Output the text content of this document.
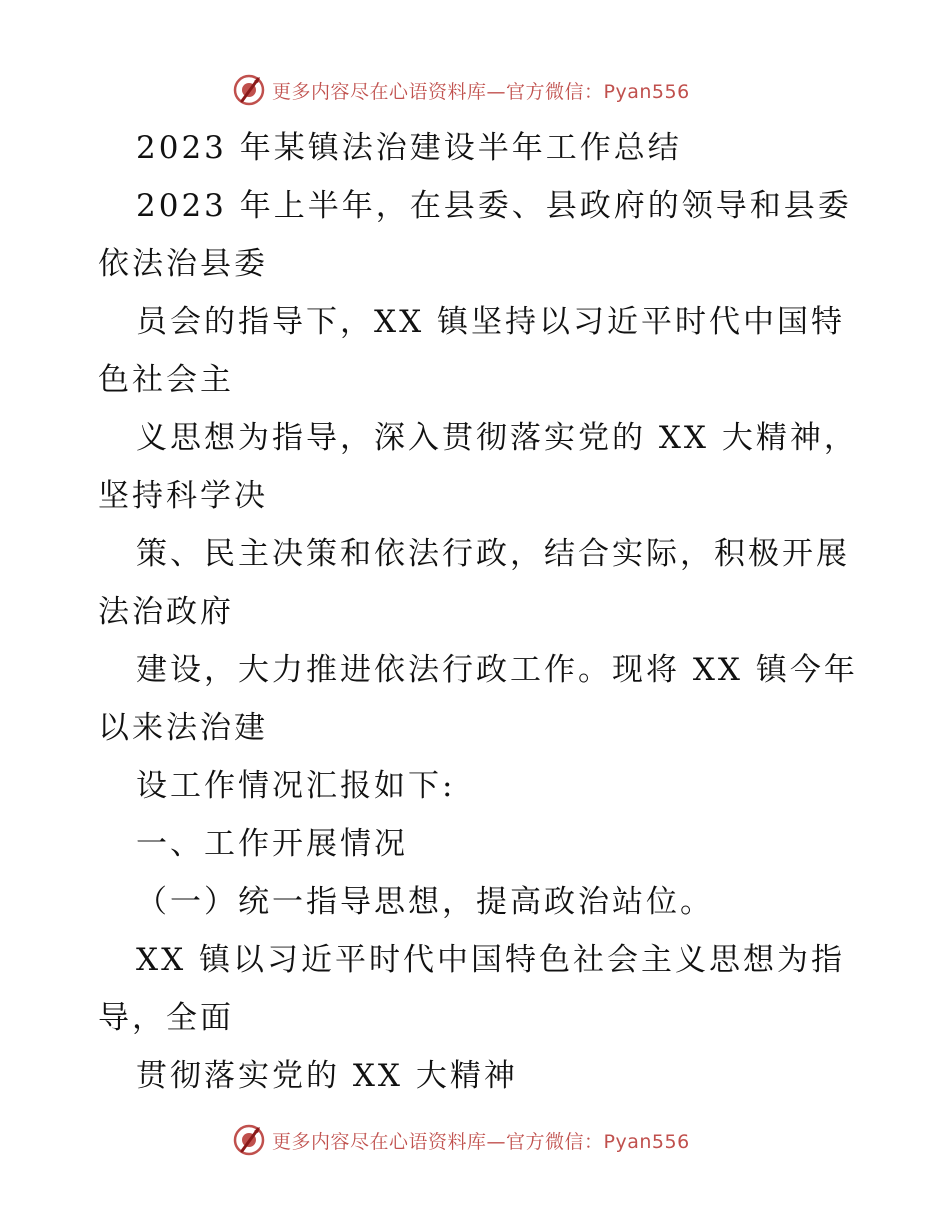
更多内容尽在心语资料库—官方微信：Pyan556
2023 年某镇法治建设半年工作总结
2023 年上半年，在县委、县政府的领导和县委
依法治县委
员会的指导下，XX 镇坚持以习近平时代中国特
色社会主
义思想为指导，深入贯彻落实党的 XX 大精神，
坚持科学决
策、民主决策和依法行政，结合实际，积极开展
法治政府
建设，大力推进依法行政工作。现将 XX 镇今年
以来法治建
设工作情况汇报如下:
一、工作开展情况
（一）统一指导思想，提高政治站位。
XX 镇以习近平时代中国特色社会主义思想为指
导，全面
贯彻落实党的 XX 大精神
更多内容尽在心语资料库—官方微信：Pyan556
